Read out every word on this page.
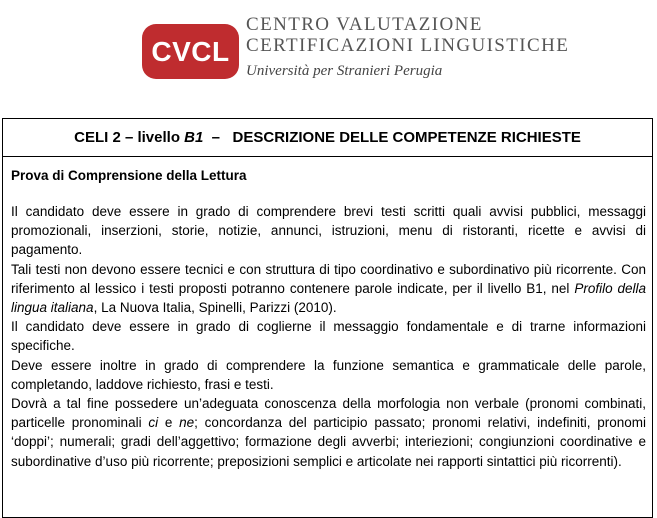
CVCL
CENTRO VALUTAZIONE
CERTIFICAZIONI LINGUISTICHE
Università per Stranieri Perugia
CELI 2 – livello B1 –   DESCRIZIONE DELLE COMPETENZE RICHIESTE
Prova di Comprensione della Lettura

Il candidato deve essere in grado di comprendere brevi testi scritti quali avvisi pubblici, messaggi promozionali, inserzioni, storie, notizie, annunci, istruzioni, menu di ristoranti, ricette e avvisi di pagamento.

Tali testi non devono essere tecnici e con struttura di tipo coordinativo e subordinativo più ricorrente. Con riferimento al lessico i testi proposti potranno contenere parole indicate, per il livello B1, nel Profilo della lingua italiana, La Nuova Italia, Spinelli, Parizzi (2010).

Il candidato deve essere in grado di coglierne il messaggio fondamentale e di trarne informazioni specifiche.

Deve essere inoltre in grado di comprendere la funzione semantica e grammaticale delle parole, completando, laddove richiesto, frasi e testi.

Dovrà a tal fine possedere un’adeguata conoscenza della morfologia non verbale (pronomi combinati, particelle pronominali ci e ne; concordanza del participio passato; pronomi relativi, indefiniti, pronomi ‘doppi’; numerali; gradi dell’aggettivo; formazione degli avverbi; interiezioni; congiunzioni coordinative e subordinative d’uso più ricorrente; preposizioni semplici e articolate nei rapporti sintattici più ricorrenti).
